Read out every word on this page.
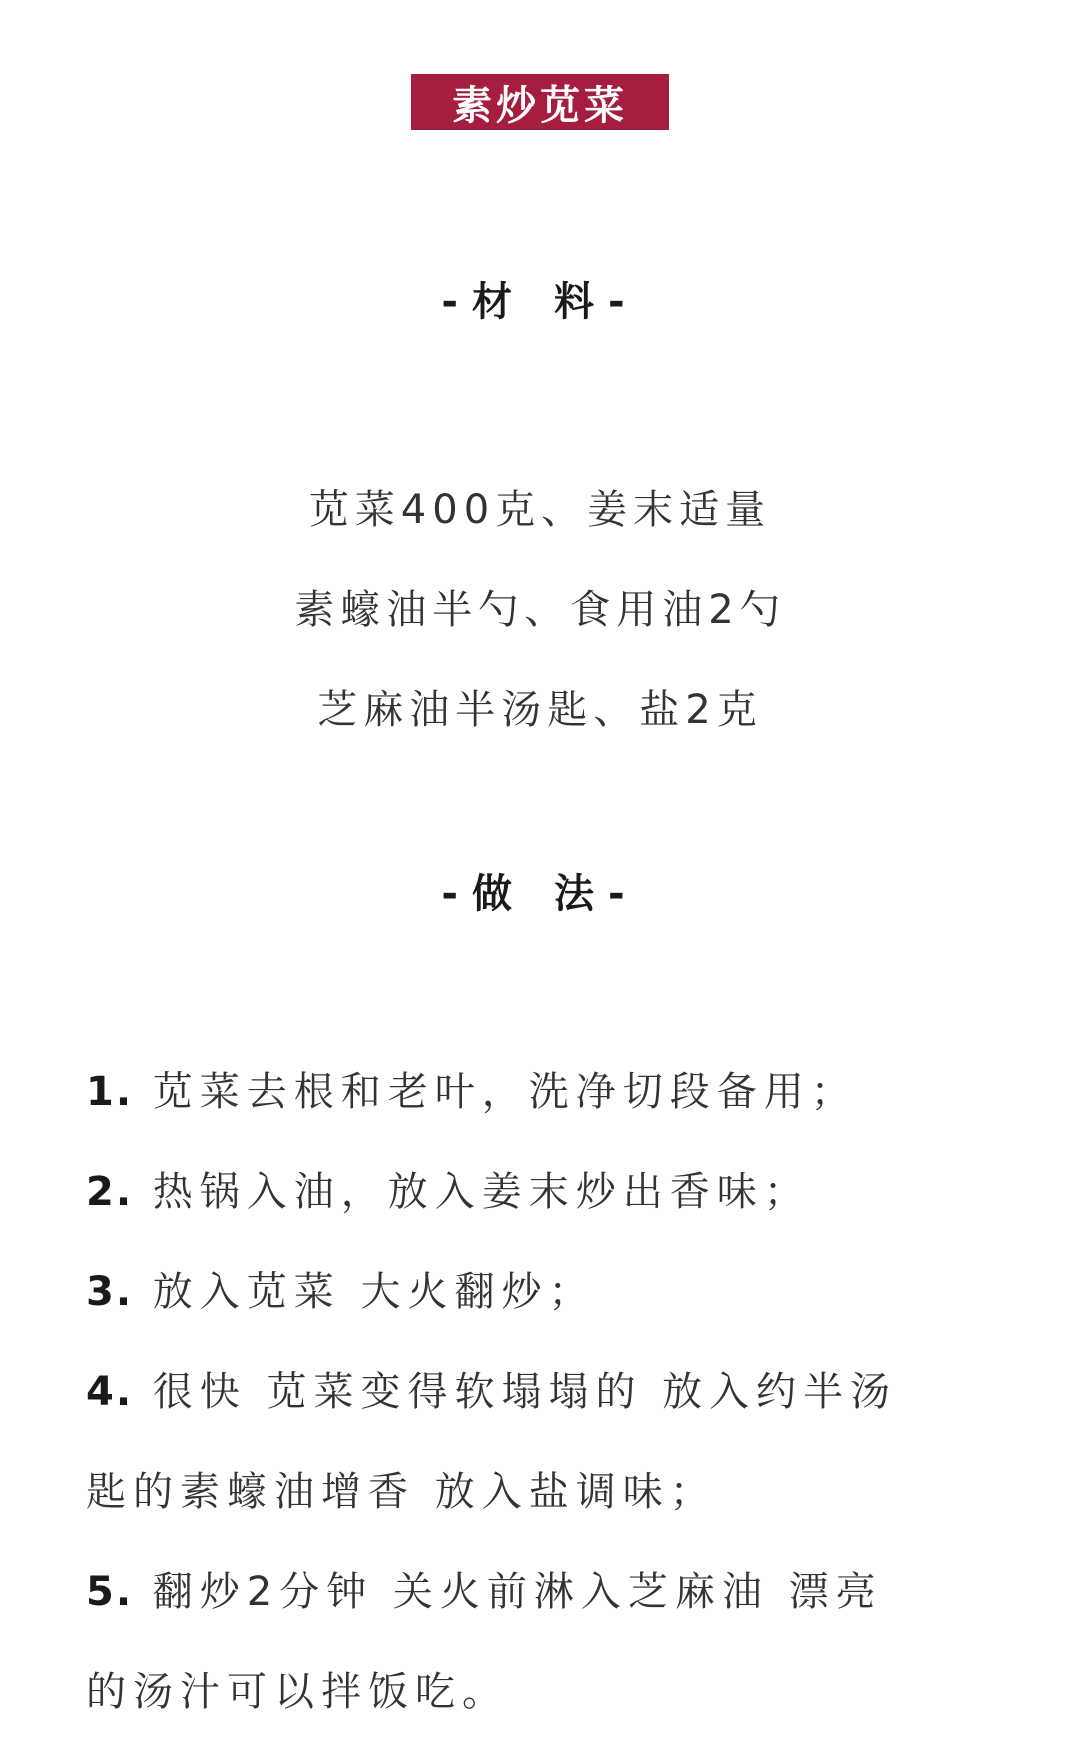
素炒苋菜
-材 料-
苋菜400克、姜末适量
素蠔油半勺、食用油2勺
芝麻油半汤匙、盐2克
-做 法-
1. 苋菜去根和老叶，洗净切段备用；
2. 热锅入油，放入姜末炒出香味；
3. 放入苋菜 大火翻炒；
4. 很快 苋菜变得软塌塌的 放入约半汤
匙的素蠔油增香 放入盐调味；
5. 翻炒2分钟 关火前淋入芝麻油 漂亮
的汤汁可以拌饭吃。
